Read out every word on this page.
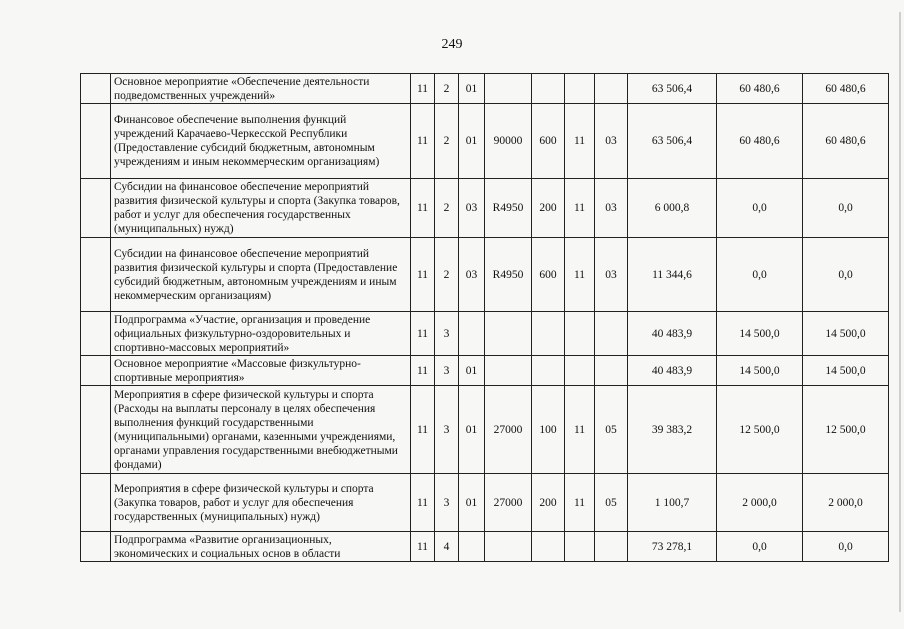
249
	Основное мероприятие «Обеспечение деятельности подведомственных учреждений»	11	2	01					63 506,4	60 480,6	60 480,6
	Финансовое обеспечение выполнения функций учреждений Карачаево-Черкесской Республики (Предоставление субсидий бюджетным, автономным учреждениям и иным некоммерческим организациям)	11	2	01	90000	600	11	03	63 506,4	60 480,6	60 480,6
	Субсидии на финансовое обеспечение мероприятий развития физической культуры и спорта (Закупка товаров, работ и услуг для обеспечения государственных (муниципальных) нужд)	11	2	03	R4950	200	11	03	6 000,8	0,0	0,0
	Субсидии на финансовое обеспечение мероприятий развития физической культуры и спорта (Предоставление субсидий бюджетным, автономным учреждениям и иным некоммерческим организациям)	11	2	03	R4950	600	11	03	11 344,6	0,0	0,0
	Подпрограмма «Участие, организация и проведение официальных физкультурно-оздоровительных и спортивно-массовых мероприятий»	11	3						40 483,9	14 500,0	14 500,0
	Основное мероприятие «Массовые физкультурно-спортивные мероприятия»	11	3	01					40 483,9	14 500,0	14 500,0
	Мероприятия в сфере физической культуры и спорта (Расходы на выплаты персоналу в целях обеспечения выполнения функций государственными (муниципальными) органами, казенными учреждениями, органами управления государственными внебюджетными фондами)	11	3	01	27000	100	11	05	39 383,2	12 500,0	12 500,0
	Мероприятия в сфере физической культуры и спорта (Закупка товаров, работ и услуг для обеспечения государственных (муниципальных) нужд)	11	3	01	27000	200	11	05	1 100,7	2 000,0	2 000,0
	Подпрограмма «Развитие организационных, экономических и социальных основ в области	11	4						73 278,1	0,0	0,0
